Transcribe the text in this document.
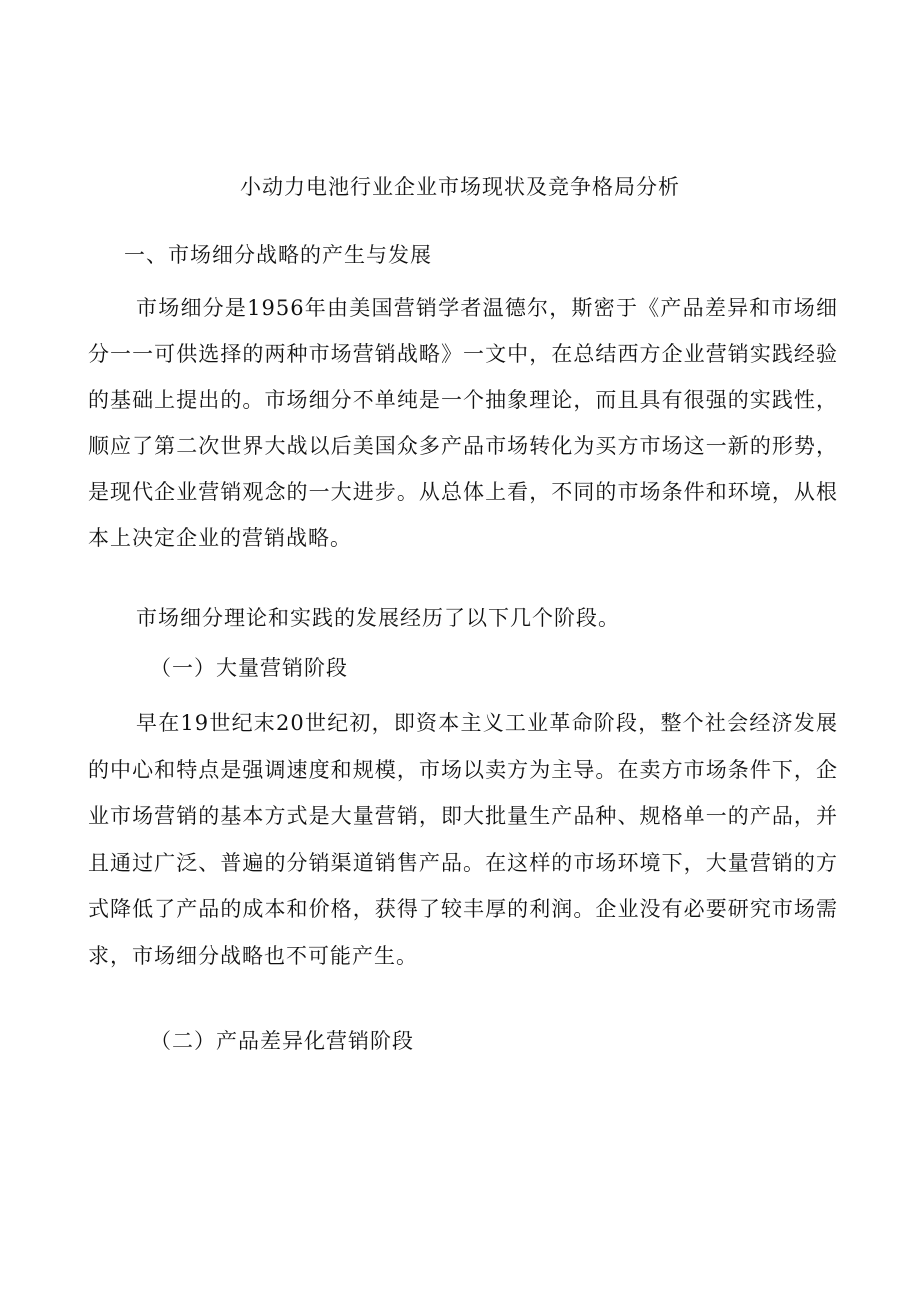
小动力电池行业企业市场现状及竞争格局分析
一、市场细分战略的产生与发展

市场细分是1956年由美国营销学者温德尔，斯密于《产品差异和市场细分一一可供选择的两种市场营销战略》一文中，在总结西方企业营销实践经验的基础上提出的。市场细分不单纯是一个抽象理论，而且具有很强的实践性，顺应了第二次世界大战以后美国众多产品市场转化为买方市场这一新的形势，是现代企业营销观念的一大进步。从总体上看，不同的市场条件和环境，从根本上决定企业的营销战略。

市场细分理论和实践的发展经历了以下几个阶段。

（一）大量营销阶段

早在19世纪末20世纪初，即资本主义工业革命阶段，整个社会经济发展的中心和特点是强调速度和规模，市场以卖方为主导。在卖方市场条件下，企业市场营销的基本方式是大量营销，即大批量生产品种、规格单一的产品，并且通过广泛、普遍的分销渠道销售产品。在这样的市场环境下，大量营销的方式降低了产品的成本和价格，获得了较丰厚的利润。企业没有必要研究市场需求，市场细分战略也不可能产生。

（二）产品差异化营销阶段
